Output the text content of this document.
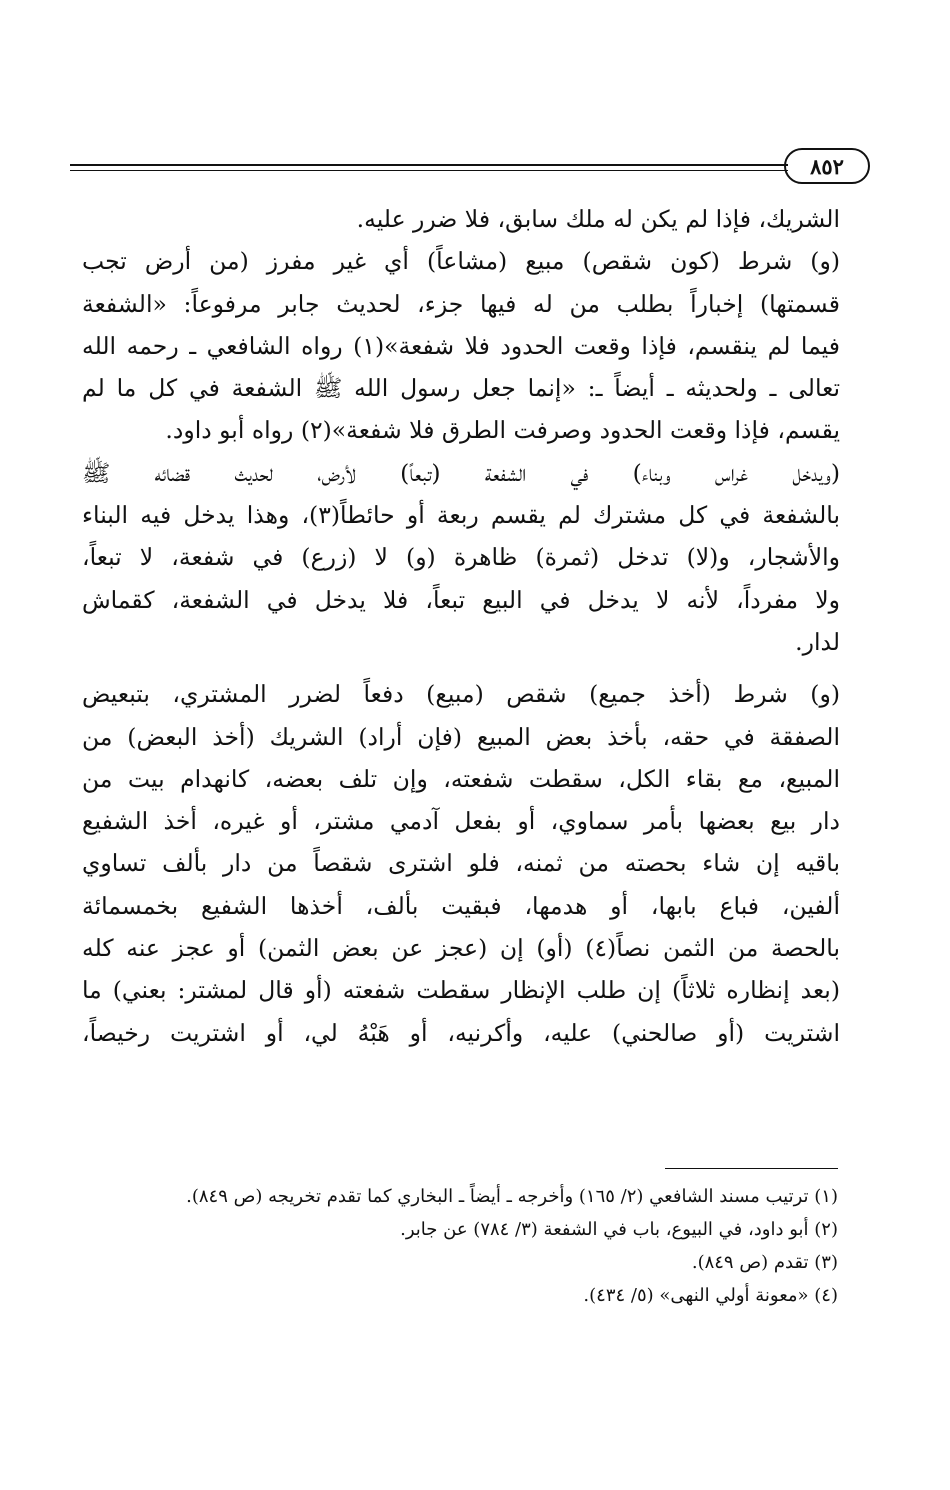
٨٥٢
الشريك، فإذا لم يكن له ملك سابق، فلا ضرر عليه.
(و) شرط (كون شقص) مبيع (مشاعاً) أي غير مفرز (من أرض تجب
قسمتها) إخباراً بطلب من له فيها جزء، لحديث جابر مرفوعاً: «الشفعة
فيما لم ينقسم، فإذا وقعت الحدود فلا شفعة»(١) رواه الشافعي ـ رحمه الله
تعالى ـ ولحديثه ـ أيضاً ـ: «إنما جعل رسول الله ﷺ الشفعة في كل ما لم
يقسم، فإذا وقعت الحدود وصرفت الطرق فلا شفعة»(٢) رواه أبو داود.
(ويدخل غراس وبناء) في الشفعة (تبعاً) لأرض، لحديث قضائه ﷺ
بالشفعة في كل مشترك لم يقسم ربعة أو حائطاً(٣)، وهذا يدخل فيه البناء
والأشجار، و(لا) تدخل (ثمرة) ظاهرة (و) لا (زرع) في شفعة، لا تبعاً،
ولا مفرداً، لأنه لا يدخل في البيع تبعاً، فلا يدخل في الشفعة، كقماش
لدار.
(و) شرط (أخذ جميع) شقص (مبيع) دفعاً لضرر المشتري، بتبعيض
الصفقة في حقه، بأخذ بعض المبيع (فإن أراد) الشريك (أخذ البعض) من
المبيع، مع بقاء الكل، سقطت شفعته، وإن تلف بعضه، كانهدام بيت من
دار بيع بعضها بأمر سماوي، أو بفعل آدمي مشتر، أو غيره، أخذ الشفيع
باقيه إن شاء بحصته من ثمنه، فلو اشترى شقصاً من دار بألف تساوي
ألفين، فباع بابها، أو هدمها، فبقيت بألف، أخذها الشفيع بخمسمائة
بالحصة من الثمن نصاً(٤) (أو) إن (عجز عن بعض الثمن) أو عجز عنه كله
(بعد إنظاره ثلاثاً) إن طلب الإنظار سقطت شفعته (أو قال لمشتر: بعني) ما
اشتريت (أو صالحني) عليه، وأكرنيه، أو هَبْهُ لي، أو اشتريت رخيصاً،
(١) ترتيب مسند الشافعي (٢/ ١٦٥) وأخرجه ـ أيضاً ـ البخاري كما تقدم تخريجه (ص ٨٤٩).
(٢) أبو داود، في البيوع، باب في الشفعة (٣/ ٧٨٤) عن جابر.
(٣) تقدم (ص ٨٤٩).
(٤) «معونة أولي النهى» (٥/ ٤٣٤).
